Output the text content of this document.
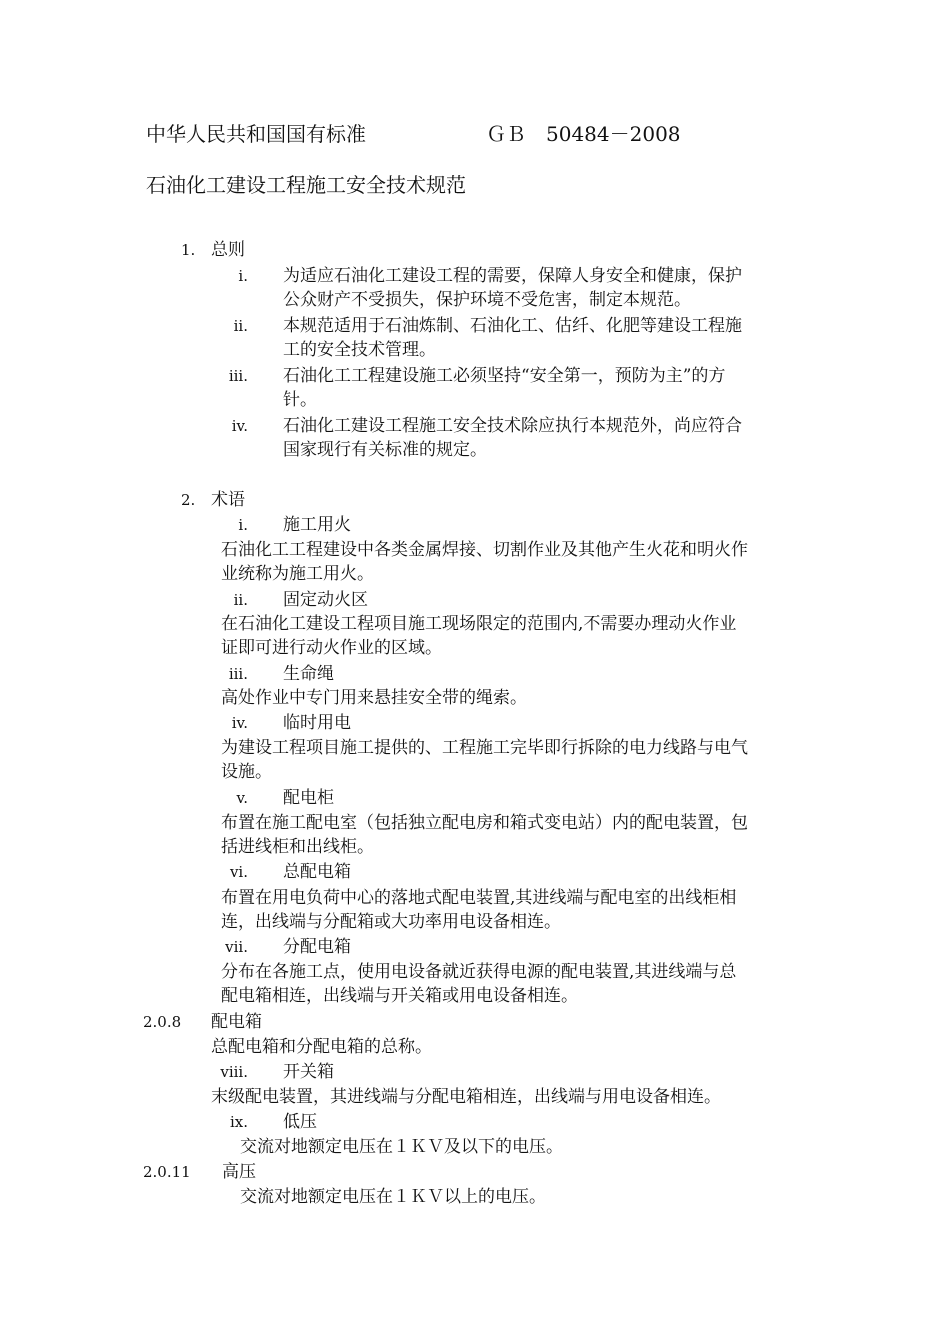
中华人民共和国国有标准	ＧＢ　50484－2008
石油化工建设工程施工安全技术规范
1. 总则
i. 为适应石油化工建设工程的需要，保障人身安全和健康，保护
公众财产不受损失，保护环境不受危害，制定本规范。
ii. 本规范适用于石油炼制、石油化工、估纤、化肥等建设工程施
工的安全技术管理。
iii. 石油化工工程建设施工必须坚持“安全第一，预防为主”的方
针。
iv. 石油化工建设工程施工安全技术除应执行本规范外，尚应符合
国家现行有关标准的规定。
2. 术语
i. 施工用火
石油化工工程建设中各类金属焊接、切割作业及其他产生火花和明火作
业统称为施工用火。
ii. 固定动火区
在石油化工建设工程项目施工现场限定的范围内,不需要办理动火作业
证即可进行动火作业的区域。
iii. 生命绳
高处作业中专门用来悬挂安全带的绳索。
iv. 临时用电
为建设工程项目施工提供的、工程施工完毕即行拆除的电力线路与电气
设施。
v. 配电柜
布置在施工配电室（包括独立配电房和箱式变电站）内的配电装置，包
括进线柜和出线柜。
vi. 总配电箱
布置在用电负荷中心的落地式配电装置,其进线端与配电室的出线柜相
连，出线端与分配箱或大功率用电设备相连。
vii. 分配电箱
分布在各施工点，使用电设备就近获得电源的配电装置,其进线端与总
配电箱相连，出线端与开关箱或用电设备相连。
2.0.8 配电箱
总配电箱和分配电箱的总称。
viii. 开关箱
末级配电装置，其进线端与分配电箱相连，出线端与用电设备相连。
ix. 低压
交流对地额定电压在１ＫＶ及以下的电压。
2.0.11 高压
交流对地额定电压在１ＫＶ以上的电压。
